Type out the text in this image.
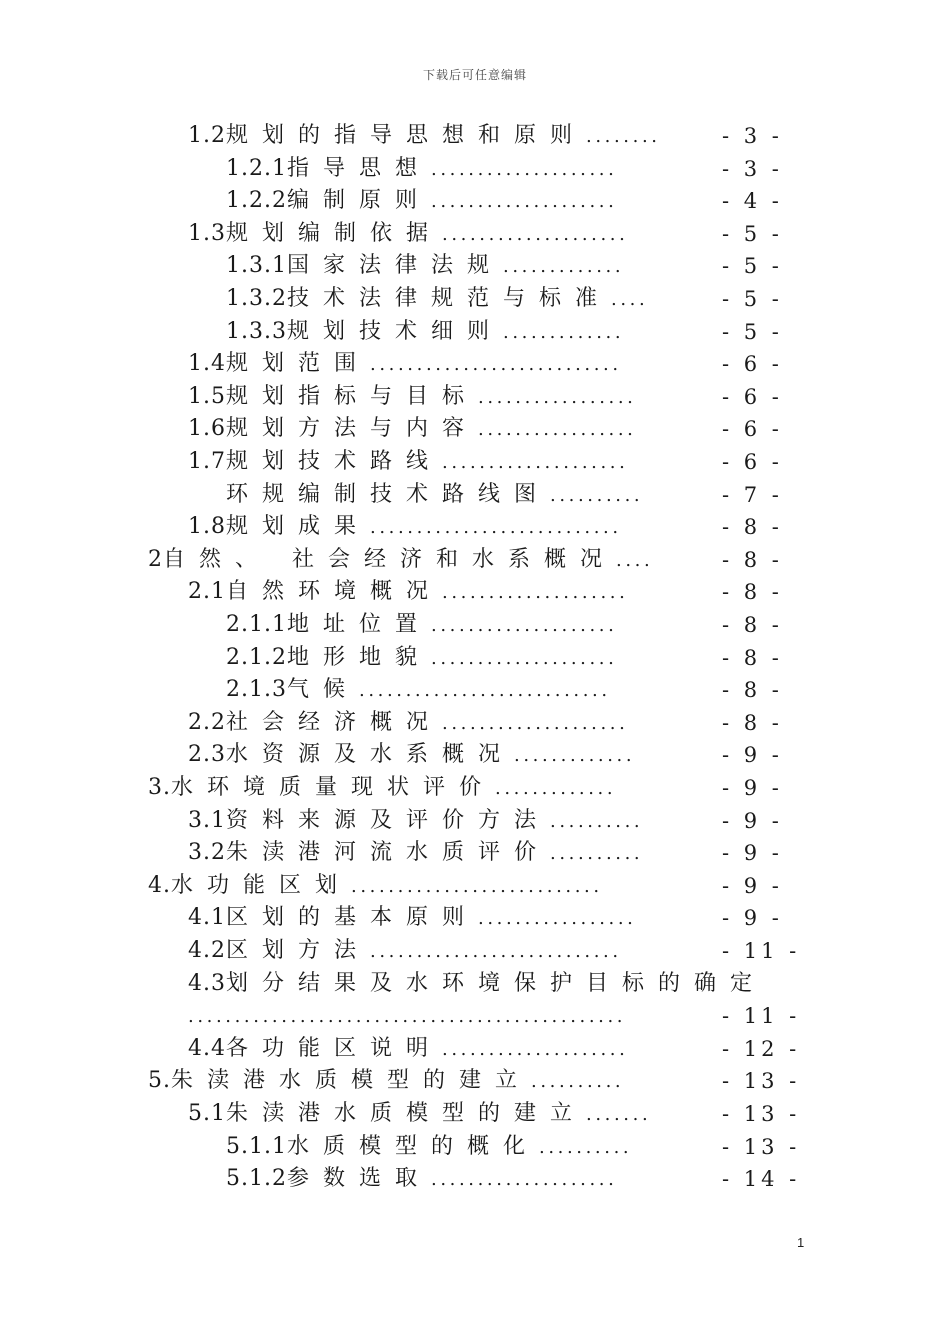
下载后可任意编辑
1.2规划的指导思想和原则........	- 3 -
1.2.1指导思想....................	- 3 -
1.2.2编制原则....................	- 4 -
1.3规划编制依据....................	- 5 -
1.3.1国家法律法规.............	- 5 -
1.3.2技术法律规范与标准....	- 5 -
1.3.3规划技术细则.............	- 5 -
1.4规划范围...........................	- 6 -
1.5规划指标与目标.................	- 6 -
1.6规划方法与内容.................	- 6 -
1.7规划技术路线....................	- 6 -
环规编制技术路线图..........	- 7 -
1.8规划成果...........................	- 8 -
2自然、 社会经济和水系概况....	- 8 -
2.1自然环境概况....................	- 8 -
2.1.1地址位置....................	- 8 -
2.1.2地形地貌....................	- 8 -
2.1.3气候...........................	- 8 -
2.2社会经济概况....................	- 8 -
2.3水资源及水系概况.............	- 9 -
3.水环境质量现状评价.............	- 9 -
3.1资料来源及评价方法..........	- 9 -
3.2朱渎港河流水质评价..........	- 9 -
4.水功能区划...........................	- 9 -
4.1区划的基本原则.................	- 9 -
4.2区划方法...........................	- 11 -
4.3划分结果及水环境保护目标的确定
...............................................	- 11 -
4.4各功能区说明....................	- 12 -
5.朱渎港水质模型的建立..........	- 13 -
5.1朱渎港水质模型的建立.......	- 13 -
5.1.1水质模型的概化..........	- 13 -
5.1.2参数选取....................	- 14 -
1
